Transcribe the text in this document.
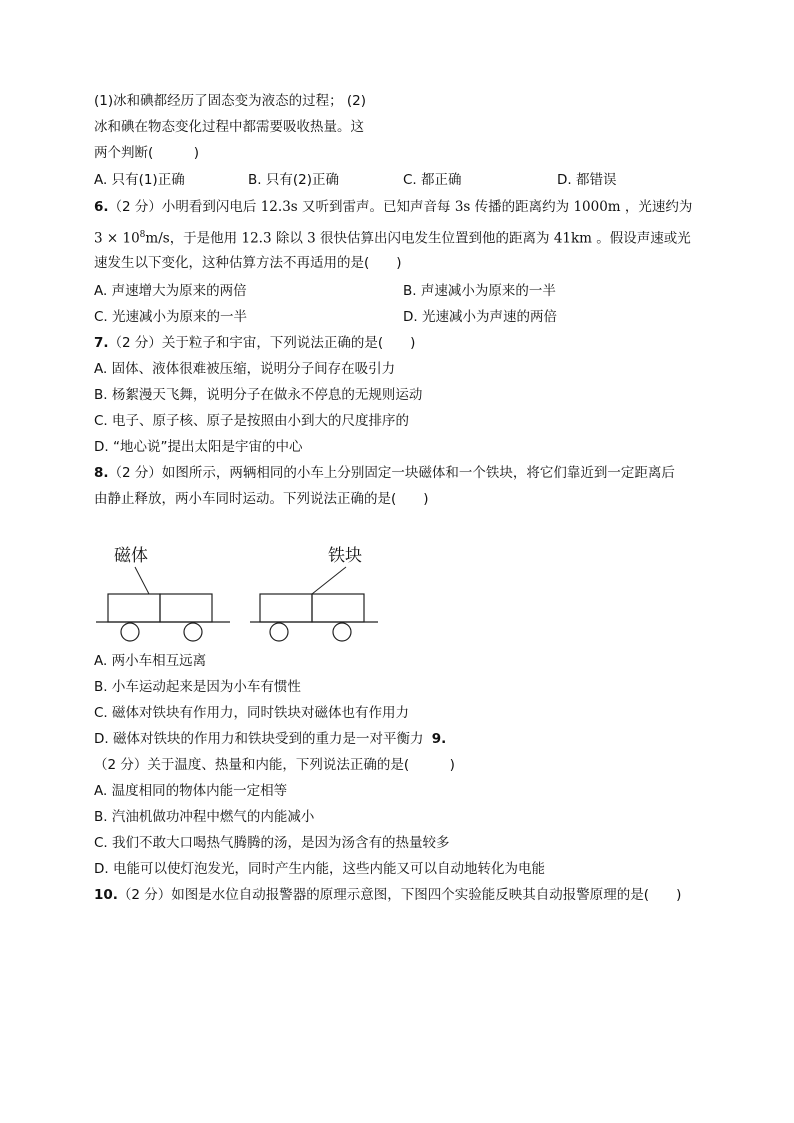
(1)冰和碘都经历了固态变为液态的过程； (2)
冰和碘在物态变化过程中都需要吸收热量。这
两个判断(　　　)
A. 只有(1)正确	B. 只有(2)正确	C. 都正确	D. 都错误
6.（2 分）小明看到闪电后 12.3s 又听到雷声。已知声音每 3s 传播的距离约为 1000m ，光速约为
$3 \times 10^8m/s$，于是他用 12.3 除以 3 很快估算出闪电发生位置到他的距离为 41km 。假设声速或光
速发生以下变化，这种估算方法不再适用的是(　　)
A. 声速增大为原来的两倍	B. 声速减小为原来的一半
C. 光速减小为原来的一半	D. 光速减小为声速的两倍
7.（2 分）关于粒子和宇宙，下列说法正确的是(　　)
A. 固体、液体很难被压缩，说明分子间存在吸引力
B. 杨絮漫天飞舞，说明分子在做永不停息的无规则运动
C. 电子、原子核、原子是按照由小到大的尺度排序的
D. “地心说”提出太阳是宇宙的中心
8.（2 分）如图所示，两辆相同的小车上分别固定一块磁体和一个铁块，将它们靠近到一定距离后
由静止释放，两小车同时运动。下列说法正确的是(　　)
磁体	铁块
A. 两小车相互远离
B. 小车运动起来是因为小车有惯性
C. 磁体对铁块有作用力，同时铁块对磁体也有作用力
D. 磁体对铁块的作用力和铁块受到的重力是一对平衡力 9.
（2 分）关于温度、热量和内能，下列说法正确的是(　　　)
A. 温度相同的物体内能一定相等
B. 汽油机做功冲程中燃气的内能减小
C. 我们不敢大口喝热气腾腾的汤，是因为汤含有的热量较多
D. 电能可以使灯泡发光，同时产生内能，这些内能又可以自动地转化为电能
10.（2 分）如图是水位自动报警器的原理示意图，下图四个实验能反映其自动报警原理的是(　　)
